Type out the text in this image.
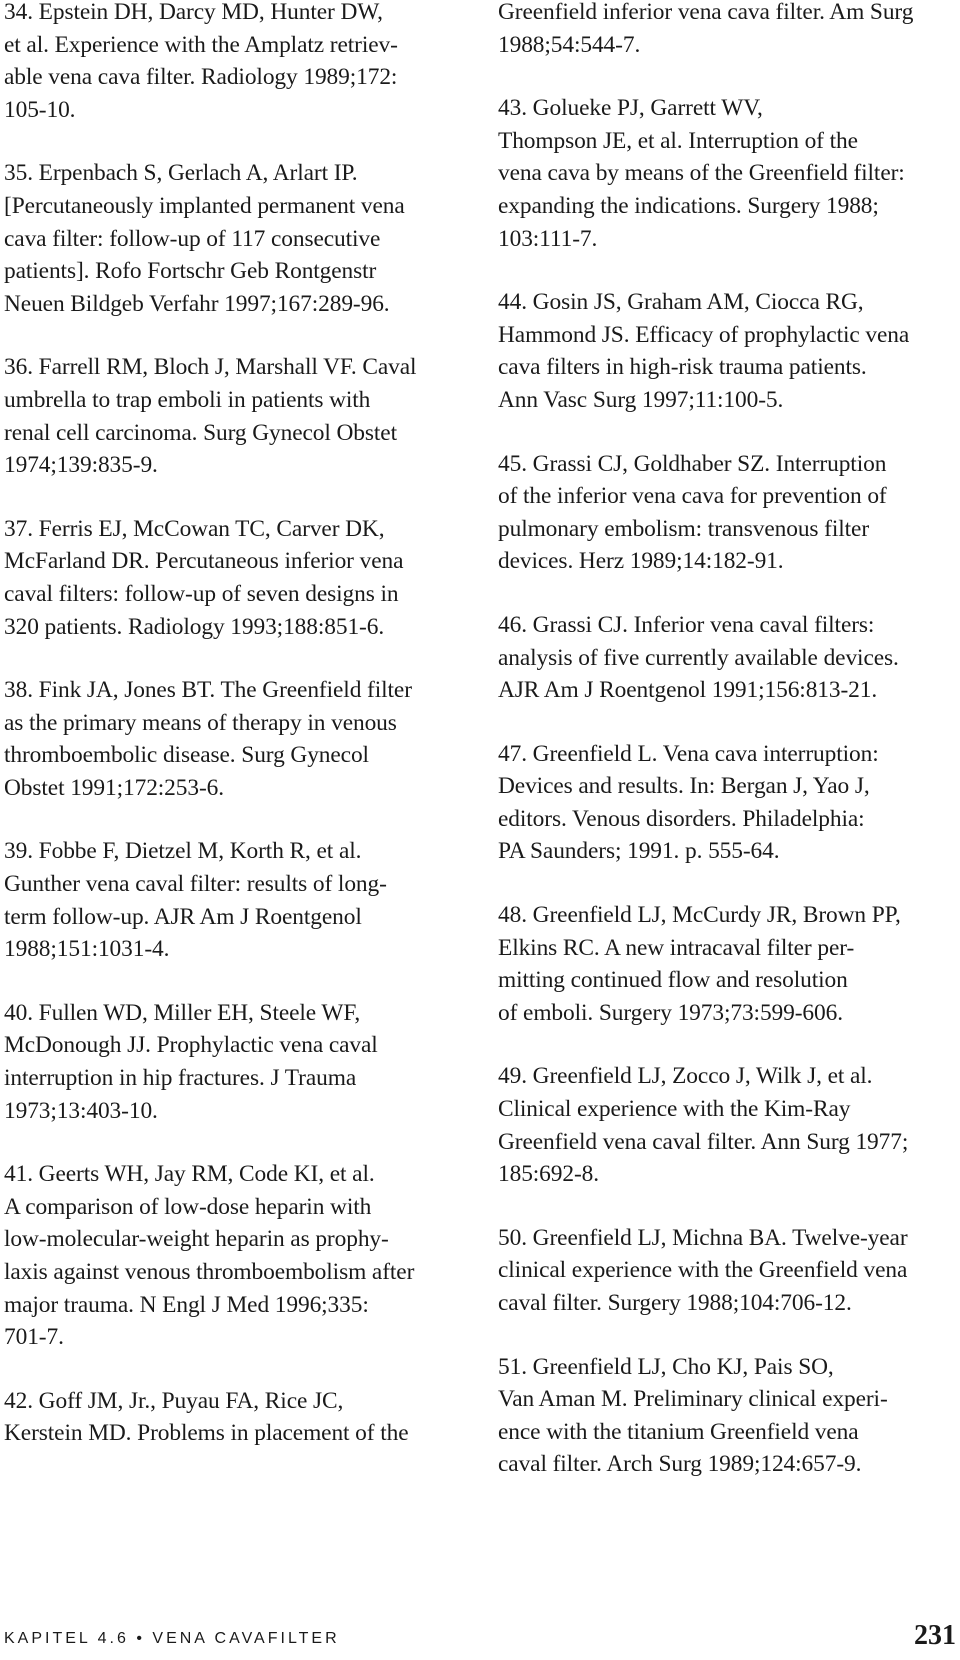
34. Epstein DH, Darcy MD, Hunter DW,
et al. Experience with the Amplatz retriev-
able vena cava filter. Radiology 1989;172:
105-10.
35. Erpenbach S, Gerlach A, Arlart IP.
[Percutaneously implanted permanent vena
cava filter: follow-up of 117 consecutive
patients]. Rofo Fortschr Geb Rontgenstr
Neuen Bildgeb Verfahr 1997;167:289-96.
36. Farrell RM, Bloch J, Marshall VF. Caval
umbrella to trap emboli in patients with
renal cell carcinoma. Surg Gynecol Obstet
1974;139:835-9.
37. Ferris EJ, McCowan TC, Carver DK,
McFarland DR. Percutaneous inferior vena
caval filters: follow-up of seven designs in
320 patients. Radiology 1993;188:851-6.
38. Fink JA, Jones BT. The Greenfield filter
as the primary means of therapy in venous
thromboembolic disease. Surg Gynecol
Obstet 1991;172:253-6.
39. Fobbe F, Dietzel M, Korth R, et al.
Gunther vena caval filter: results of long-
term follow-up. AJR Am J Roentgenol
1988;151:1031-4.
40. Fullen WD, Miller EH, Steele WF,
McDonough JJ. Prophylactic vena caval
interruption in hip fractures. J Trauma
1973;13:403-10.
41. Geerts WH, Jay RM, Code KI, et al.
A comparison of low-dose heparin with
low-molecular-weight heparin as prophy-
laxis against venous thromboembolism after
major trauma. N Engl J Med 1996;335:
701-7.
42. Goff JM, Jr., Puyau FA, Rice JC,
Kerstein MD. Problems in placement of the
Greenfield inferior vena cava filter. Am Surg
1988;54:544-7.
43. Golueke PJ, Garrett WV,
Thompson JE, et al. Interruption of the
vena cava by means of the Greenfield filter:
expanding the indications. Surgery 1988;
103:111-7.
44. Gosin JS, Graham AM, Ciocca RG,
Hammond JS. Efficacy of prophylactic vena
cava filters in high-risk trauma patients.
Ann Vasc Surg 1997;11:100-5.
45. Grassi CJ, Goldhaber SZ. Interruption
of the inferior vena cava for prevention of
pulmonary embolism: transvenous filter
devices. Herz 1989;14:182-91.
46. Grassi CJ. Inferior vena caval filters:
analysis of five currently available devices.
AJR Am J Roentgenol 1991;156:813-21.
47. Greenfield L. Vena cava interruption:
Devices and results. In: Bergan J, Yao J,
editors. Venous disorders. Philadelphia:
PA Saunders; 1991. p. 555-64.
48. Greenfield LJ, McCurdy JR, Brown PP,
Elkins RC. A new intracaval filter per-
mitting continued flow and resolution
of emboli. Surgery 1973;73:599-606.
49. Greenfield LJ, Zocco J, Wilk J, et al.
Clinical experience with the Kim-Ray
Greenfield vena caval filter. Ann Surg 1977;
185:692-8.
50. Greenfield LJ, Michna BA. Twelve-year
clinical experience with the Greenfield vena
caval filter. Surgery 1988;104:706-12.
51. Greenfield LJ, Cho KJ, Pais SO,
Van Aman M. Preliminary clinical experi-
ence with the titanium Greenfield vena
caval filter. Arch Surg 1989;124:657-9.
KAPITEL 4.6 • VENA CAVAFILTER	231
